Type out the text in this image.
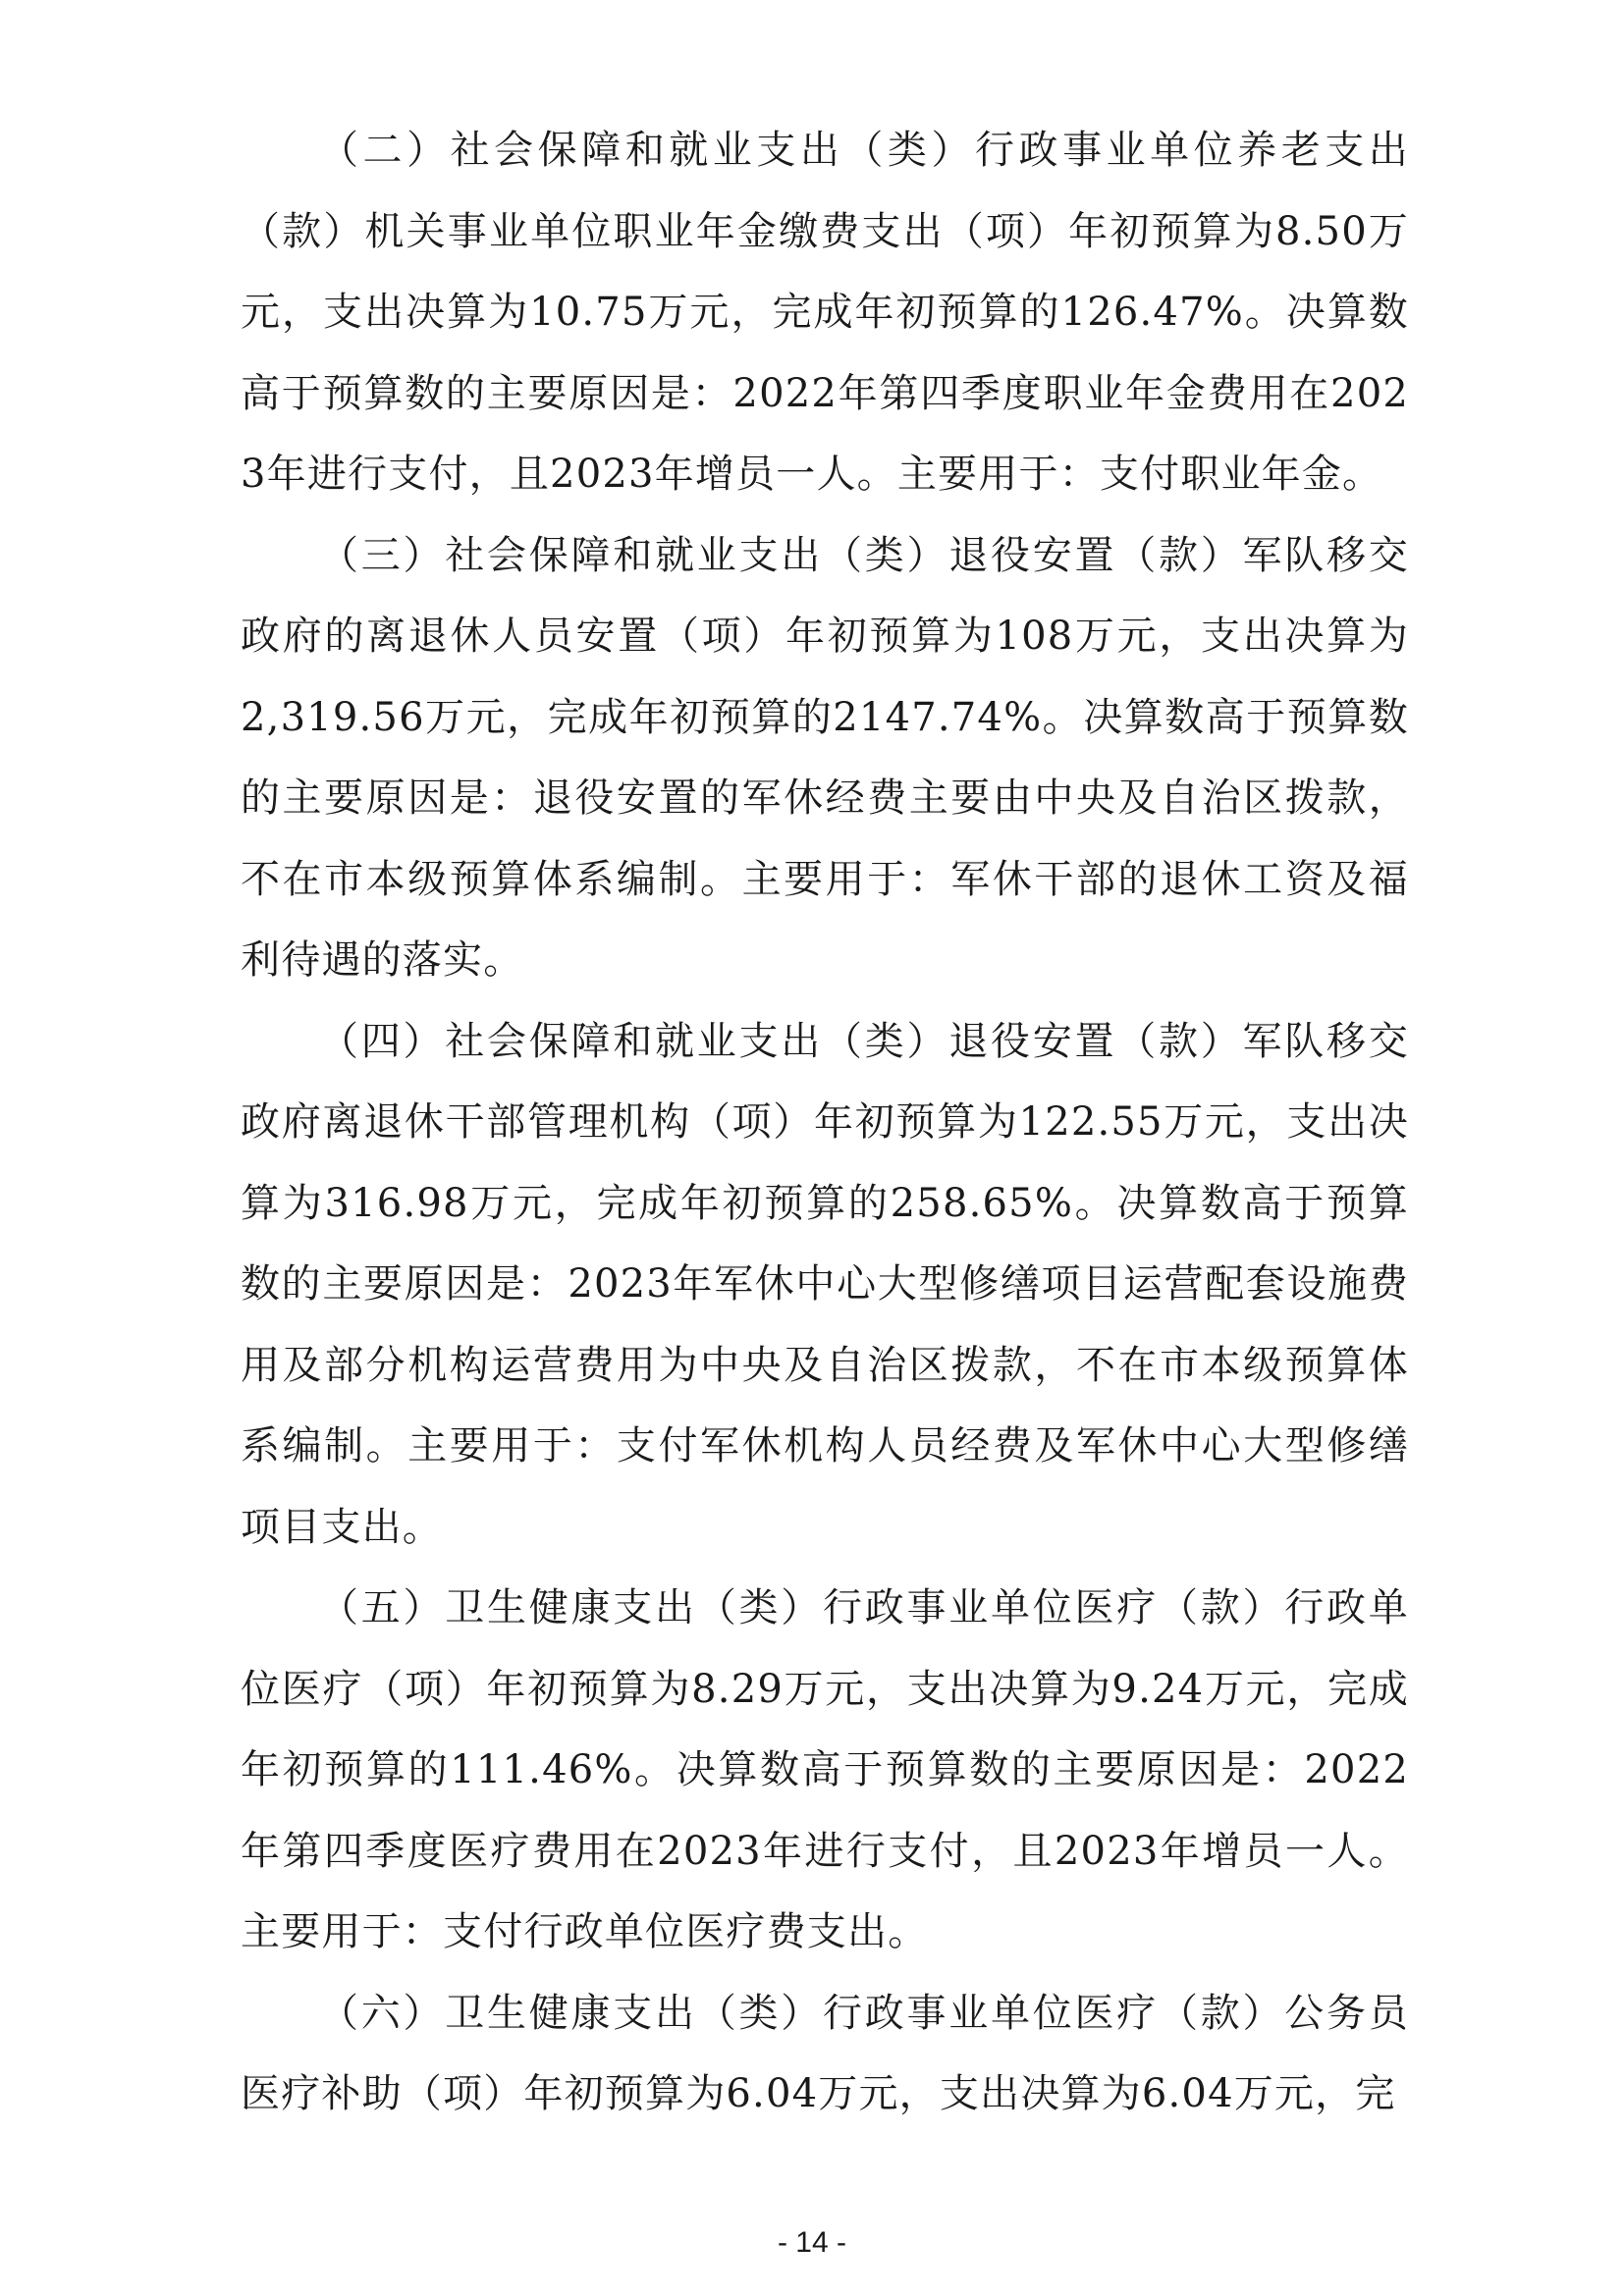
（二）社会保障和就业支出（类）行政事业单位养老支出（款）机关事业单位职业年金缴费支出（项）年初预算为8.50万元，支出决算为10.75万元，完成年初预算的126.47%。决算数高于预算数的主要原因是：2022年第四季度职业年金费用在2023年进行支付，且2023年增员一人。主要用于：支付职业年金。

（三）社会保障和就业支出（类）退役安置（款）军队移交政府的离退休人员安置（项）年初预算为108万元，支出决算为2,319.56万元，完成年初预算的2147.74%。决算数高于预算数的主要原因是：退役安置的军休经费主要由中央及自治区拨款，不在市本级预算体系编制。主要用于：军休干部的退休工资及福利待遇的落实。

（四）社会保障和就业支出（类）退役安置（款）军队移交政府离退休干部管理机构（项）年初预算为122.55万元，支出决算为316.98万元，完成年初预算的258.65%。决算数高于预算数的主要原因是：2023年军休中心大型修缮项目运营配套设施费用及部分机构运营费用为中央及自治区拨款，不在市本级预算体系编制。主要用于：支付军休机构人员经费及军休中心大型修缮项目支出。

（五）卫生健康支出（类）行政事业单位医疗（款）行政单位医疗（项）年初预算为8.29万元，支出决算为9.24万元，完成年初预算的111.46%。决算数高于预算数的主要原因是：2022年第四季度医疗费用在2023年进行支付，且2023年增员一人。主要用于：支付行政单位医疗费支出。

（六）卫生健康支出（类）行政事业单位医疗（款）公务员医疗补助（项）年初预算为6.04万元，支出决算为6.04万元，完

- 14 -
